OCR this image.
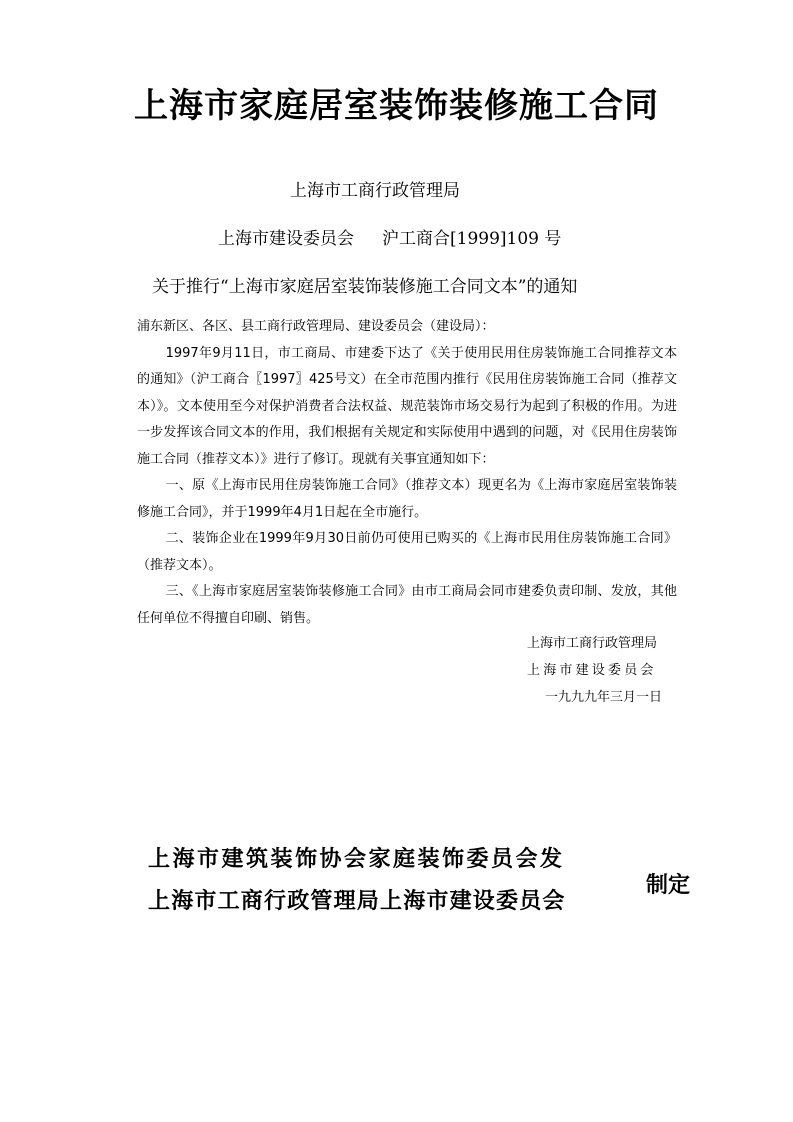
上海市家庭居室装饰装修施工合同
上海市工商行政管理局
上海市建设委员会 沪工商合[1999]109 号
关于推行“上海市家庭居室装饰装修施工合同文本”的通知

浦东新区、各区、县工商行政管理局、建设委员会（建设局）：

1997年9月11日，市工商局、市建委下达了《关于使用民用住房装饰施工合同推荐文本的通知》（沪工商合〖1997〗425号文）在全市范围内推行《民用住房装饰施工合同（推荐文本）》。文本使用至今对保护消费者合法权益、规范装饰市场交易行为起到了积极的作用。为进一步发挥该合同文本的作用，我们根据有关规定和实际使用中遇到的问题，对《民用住房装饰施工合同（推荐文本）》进行了修订。现就有关事宜通知如下：

一、原《上海市民用住房装饰施工合同》（推荐文本）现更名为《上海市家庭居室装饰装修施工合同》，并于1999年4月1日起在全市施行。

二、装饰企业在1999年9月30日前仍可使用已购买的《上海市民用住房装饰施工合同》（推荐文本）。

三、《上海市家庭居室装饰装修施工合同》由市工商局会同市建委负责印制、发放，其他任何单位不得擅自印刷、销售。

上海市工商行政管理局
上海市建设委员会
一九九九年三月一日
上海市建筑装饰协会家庭装饰委员会发
上海市工商行政管理局上海市建设委员会
制定
